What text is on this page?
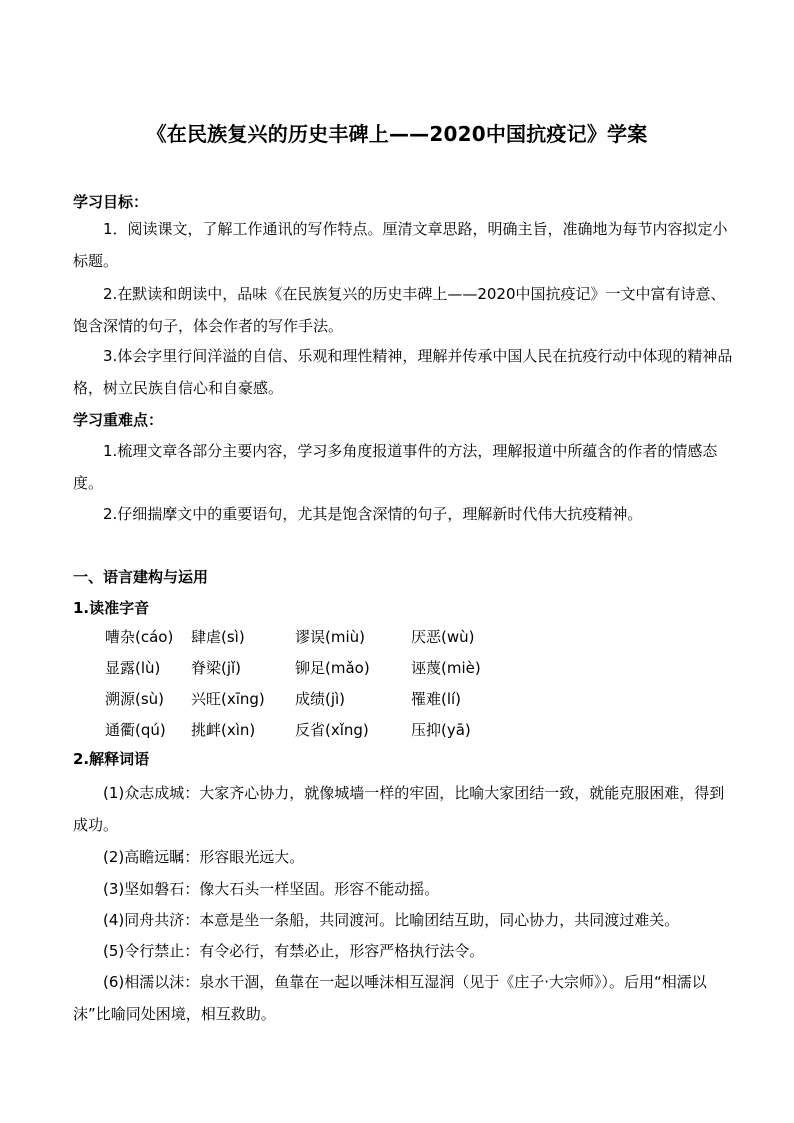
《在民族复兴的历史丰碑上——2020中国抗疫记》学案
学习目标：
1．阅读课文，了解工作通讯的写作特点。厘清文章思路，明确主旨，准确地为每节内容拟定小标题。
2.在默读和朗读中，品味《在民族复兴的历史丰碑上——2020中国抗疫记》一文中富有诗意、饱含深情的句子，体会作者的写作手法。
3.体会字里行间洋溢的自信、乐观和理性精神，理解并传承中国人民在抗疫行动中体现的精神品格，树立民族自信心和自豪感。
学习重难点：
1.梳理文章各部分主要内容，学习多角度报道事件的方法，理解报道中所蕴含的作者的情感态度。
2.仔细揣摩文中的重要语句，尤其是饱含深情的句子，理解新时代伟大抗疫精神。
一、语言建构与运用
1.读准字音
嘈杂(cáo)	肆虐(sì)	谬误(miù)	厌恶(wù)
显露(lù)	脊梁(jǐ)	铆足(mǎo)	诬蔑(miè)
溯源(sù)	兴旺(xīng)	成绩(jì)	罹难(lí)
通衢(qú)	挑衅(xìn)	反省(xǐng)	压抑(yā)
2.解释词语
(1)众志成城：大家齐心协力，就像城墙一样的牢固，比喻大家团结一致，就能克服困难，得到成功。
(2)高瞻远瞩：形容眼光远大。
(3)坚如磐石：像大石头一样坚固。形容不能动摇。
(4)同舟共济：本意是坐一条船，共同渡河。比喻团结互助，同心协力，共同渡过难关。
(5)令行禁止：有令必行，有禁必止，形容严格执行法令。
(6)相濡以沫：泉水干涸，鱼靠在一起以唾沫相互湿润（见于《庄子·大宗师》）。后用“相濡以沫”比喻同处困境，相互救助。
